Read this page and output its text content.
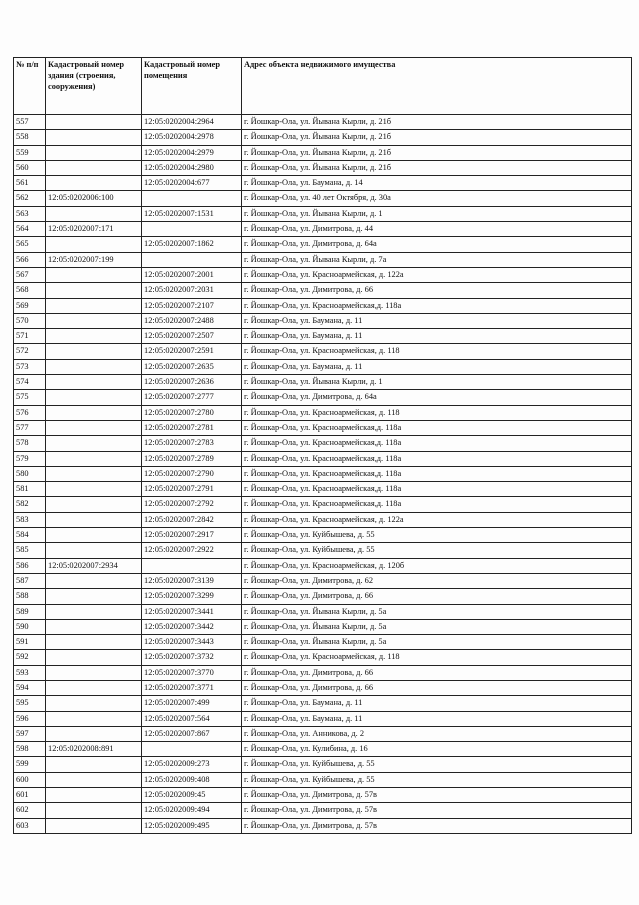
№ п/п	Кадастровый номер здания (строения, сооружения)	Кадастровый номер помещения	Адрес объекта недвижимого имущества
557		12:05:0202004:2964	г. Йошкар-Ола, ул. Йывана Кырли, д. 21б
558		12:05:0202004:2978	г. Йошкар-Ола, ул. Йывана Кырли, д. 21б
559		12:05:0202004:2979	г. Йошкар-Ола, ул. Йывана Кырли, д. 21б
560		12:05:0202004:2980	г. Йошкар-Ола, ул. Йывана Кырли, д. 21б
561		12:05:0202004:677	г. Йошкар-Ола, ул. Баумана, д. 14
562	12:05:0202006:100		г. Йошкар-Ола, ул. 40 лет Октября, д. 30а
563		12:05:0202007:1531	г. Йошкар-Ола, ул. Йывана Кырли, д. 1
564	12:05:0202007:171		г. Йошкар-Ола, ул. Димитрова, д. 44
565		12:05:0202007:1862	г. Йошкар-Ола, ул. Димитрова, д. 64а
566	12:05:0202007:199		г. Йошкар-Ола, ул. Йывана Кырли, д. 7а
567		12:05:0202007:2001	г. Йошкар-Ола, ул. Красноармейская, д. 122а
568		12:05:0202007:2031	г. Йошкар-Ола, ул. Димитрова, д. 66
569		12:05:0202007:2107	г. Йошкар-Ола, ул. Красноармейская,д. 118а
570		12:05:0202007:2488	г. Йошкар-Ола, ул. Баумана, д. 11
571		12:05:0202007:2507	г. Йошкар-Ола, ул. Баумана, д. 11
572		12:05:0202007:2591	г. Йошкар-Ола, ул. Красноармейская, д. 118
573		12:05:0202007:2635	г. Йошкар-Ола, ул. Баумана, д. 11
574		12:05:0202007:2636	г. Йошкар-Ола, ул. Йывана Кырли, д. 1
575		12:05:0202007:2777	г. Йошкар-Ола, ул. Димитрова, д. 64а
576		12:05:0202007:2780	г. Йошкар-Ола, ул. Красноармейская, д. 118
577		12:05:0202007:2781	г. Йошкар-Ола, ул. Красноармейская,д. 118а
578		12:05:0202007:2783	г. Йошкар-Ола, ул. Красноармейская,д. 118а
579		12:05:0202007:2789	г. Йошкар-Ола, ул. Красноармейская,д. 118а
580		12:05:0202007:2790	г. Йошкар-Ола, ул. Красноармейская,д. 118а
581		12:05:0202007:2791	г. Йошкар-Ола, ул. Красноармейская,д. 118а
582		12:05:0202007:2792	г. Йошкар-Ола, ул. Красноармейская,д. 118а
583		12:05:0202007:2842	г. Йошкар-Ола, ул. Красноармейская, д. 122а
584		12:05:0202007:2917	г. Йошкар-Ола, ул. Куйбышева, д. 55
585		12:05:0202007:2922	г. Йошкар-Ола, ул. Куйбышева, д. 55
586	12:05:0202007:2934		г. Йошкар-Ола, ул. Красноармейская, д. 120б
587		12:05:0202007:3139	г. Йошкар-Ола, ул. Димитрова, д. 62
588		12:05:0202007:3299	г. Йошкар-Ола, ул. Димитрова, д. 66
589		12:05:0202007:3441	г. Йошкар-Ола, ул. Йывана Кырли, д. 5а
590		12:05:0202007:3442	г. Йошкар-Ола, ул. Йывана Кырли, д. 5а
591		12:05:0202007:3443	г. Йошкар-Ола, ул. Йывана Кырли, д. 5а
592		12:05:0202007:3732	г. Йошкар-Ола, ул. Красноармейская, д. 118
593		12:05:0202007:3770	г. Йошкар-Ола, ул. Димитрова, д. 66
594		12:05:0202007:3771	г. Йошкар-Ола, ул. Димитрова, д. 66
595		12:05:0202007:499	г. Йошкар-Ола, ул. Баумана, д. 11
596		12:05:0202007:564	г. Йошкар-Ола, ул. Баумана, д. 11
597		12:05:0202007:867	г. Йошкар-Ола, ул. Анникова, д. 2
598	12:05:0202008:891		г. Йошкар-Ола, ул. Кулибина, д. 16
599		12:05:0202009:273	г. Йошкар-Ола, ул. Куйбышева, д. 55
600		12:05:0202009:408	г. Йошкар-Ола, ул. Куйбышева, д. 55
601		12:05:0202009:45	г. Йошкар-Ола, ул. Димитрова, д. 57в
602		12:05:0202009:494	г. Йошкар-Ола, ул. Димитрова, д. 57в
603		12:05:0202009:495	г. Йошкар-Ола, ул. Димитрова, д. 57в
